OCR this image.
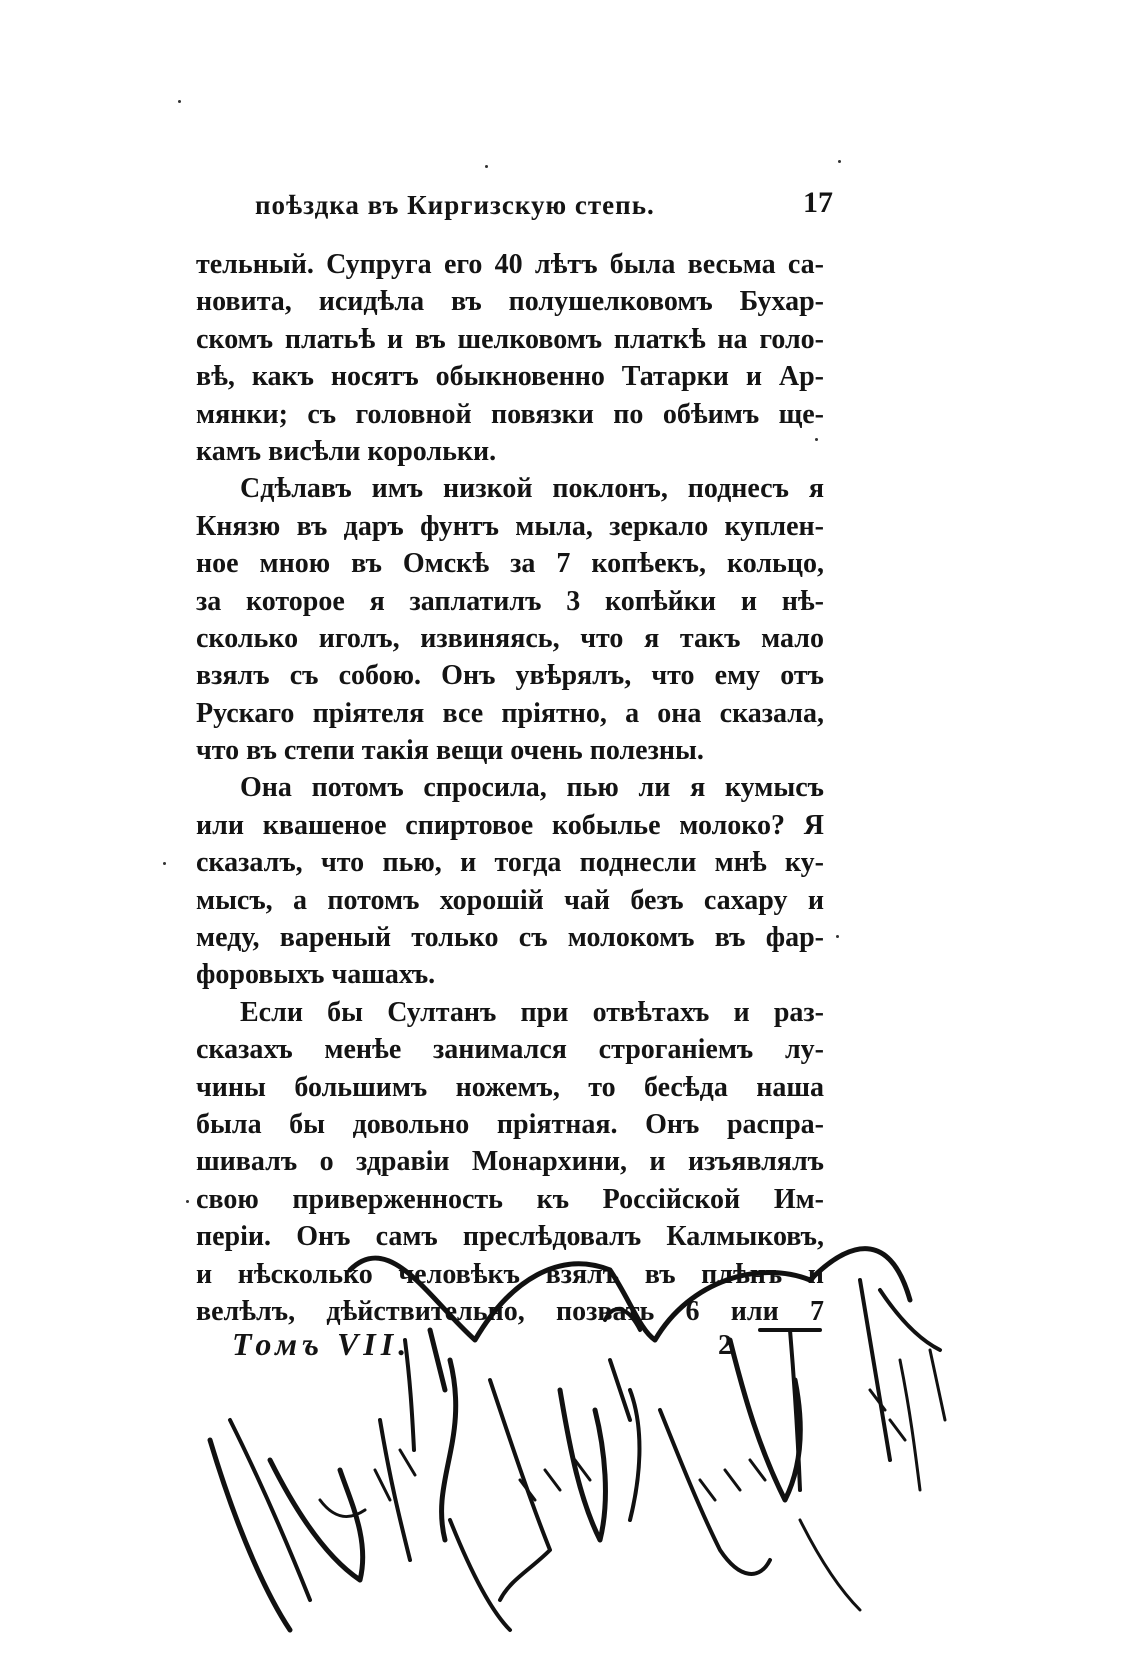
поѣздка въ Киргизскую степь.	17
тельный. Супруга его 40 лѣтъ была весьма са-
новита, исидѣла въ полушелковомъ Бухар-
скомъ платьѣ и въ шелковомъ платкѣ на голо-
вѣ, какъ носятъ обыкновенно Татарки и Ар-
мянки; съ головной повязки по обѣимъ ще-
камъ висѣли корольки.
Сдѣлавъ имъ низкой поклонъ, поднесъ я
Князю въ даръ фунтъ мыла, зеркало куплен-
ное мною въ Омскѣ за 7 копѣекъ, кольцо,
за которое я заплатилъ 3 копѣйки и нѣ-
сколько иголъ, извиняясь, что я такъ мало
взялъ съ собою. Онъ увѣрялъ, что ему отъ
Рускаго пріятеля все пріятно, а она сказала,
что въ степи такія вещи очень полезны.
Она потомъ спросила, пью ли я кумысъ
или квашеное спиртовое кобылье молоко? Я
сказалъ, что пью, и тогда поднесли мнѣ ку-
мысъ, а потомъ хорошій чай безъ сахару и
меду, вареный только съ молокомъ въ фар-
форовыхъ чашахъ.
Если бы Султанъ при отвѣтахъ и раз-
сказахъ менѣе занимался строганіемъ лу-
чины большимъ ножемъ, то бесѣда наша
была бы довольно пріятная. Онъ распра-
шивалъ о здравіи Монархини, и изъявлялъ
свою приверженность къ Россійской Им-
періи. Онъ самъ преслѣдовалъ Калмыковъ,
и нѣсколько человѣкъ взялъ въ плѣнъ и
велѣлъ, дѣйствительно, позвать 6 или 7
Томъ VII.	2
